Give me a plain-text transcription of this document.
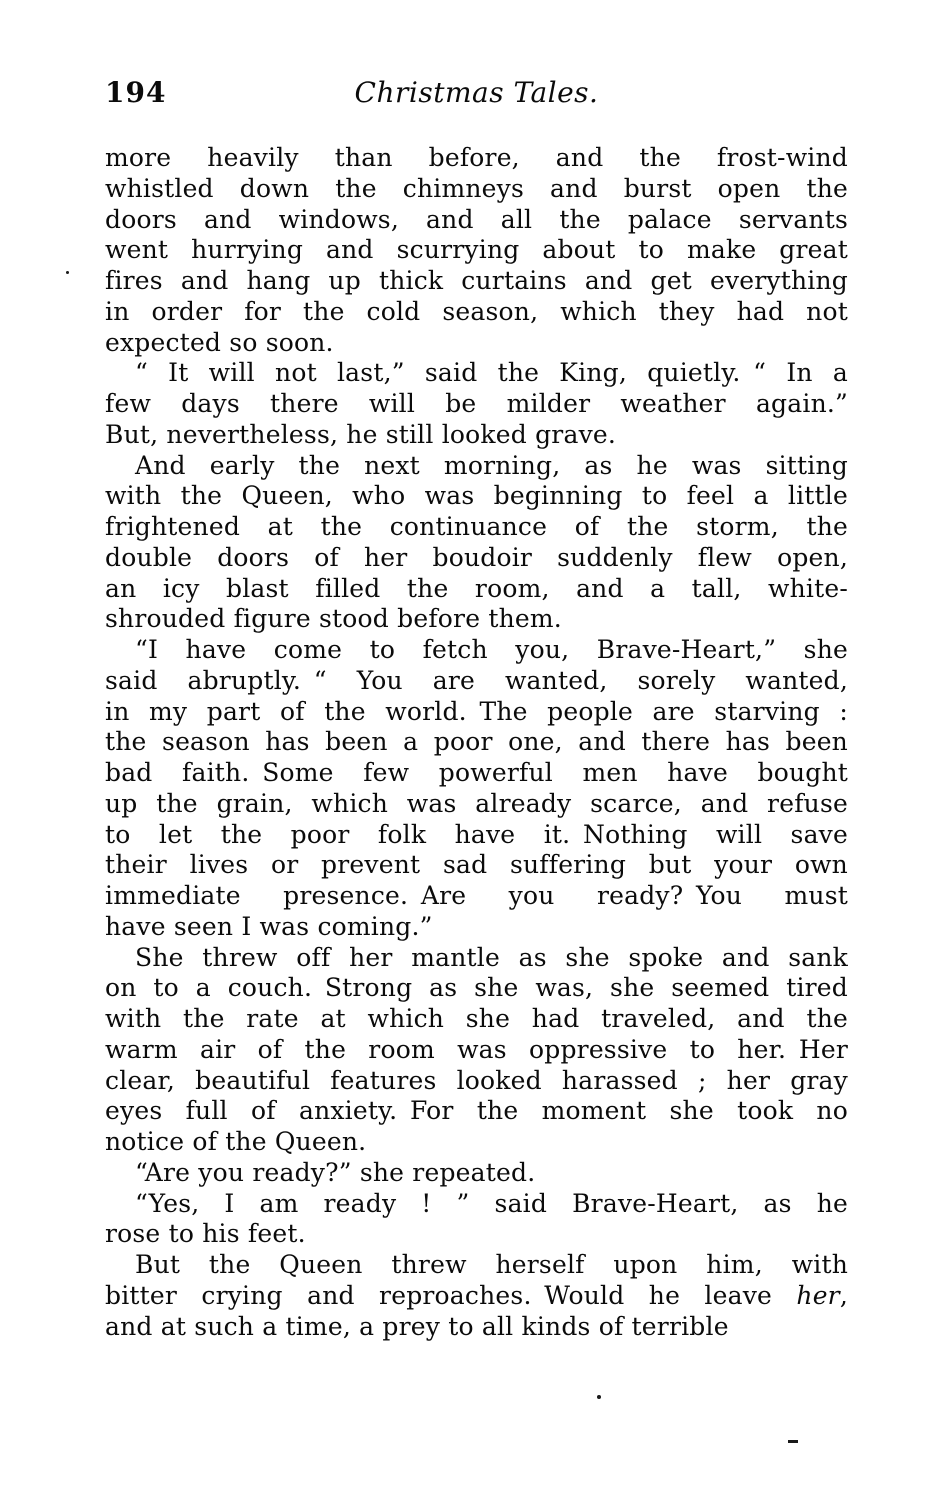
194	Christmas Tales.
more heavily than before, and the frost-wind
whistled down the chimneys and burst open the
doors and windows, and all the palace servants
went hurrying and scurrying about to make great
fires and hang up thick curtains and get everything
in order for the cold season, which they had not
expected so soon.
“ It will not last,” said the King, quietly. “ In a
few days there will be milder weather again.”
But, nevertheless, he still looked grave.
And early the next morning, as he was sitting
with the Queen, who was beginning to feel a little
frightened at the continuance of the storm, the
double doors of her boudoir suddenly flew open,
an icy blast filled the room, and a tall, white-
shrouded figure stood before them.
“I have come to fetch you, Brave-Heart,” she
said abruptly. “ You are wanted, sorely wanted,
in my part of the world. The people are starving :
the season has been a poor one, and there has been
bad faith. Some few powerful men have bought
up the grain, which was already scarce, and refuse
to let the poor folk have it. Nothing will save
their lives or prevent sad suffering but your own
immediate presence. Are you ready? You must
have seen I was coming.”
She threw off her mantle as she spoke and sank
on to a couch. Strong as she was, she seemed tired
with the rate at which she had traveled, and the
warm air of the room was oppressive to her. Her
clear, beautiful features looked harassed ; her gray
eyes full of anxiety. For the moment she took no
notice of the Queen.
“Are you ready?” she repeated.
“Yes, I am ready ! ” said Brave-Heart, as he
rose to his feet.
But the Queen threw herself upon him, with
bitter crying and reproaches. Would he leave her,
and at such a time, a prey to all kinds of terrible
